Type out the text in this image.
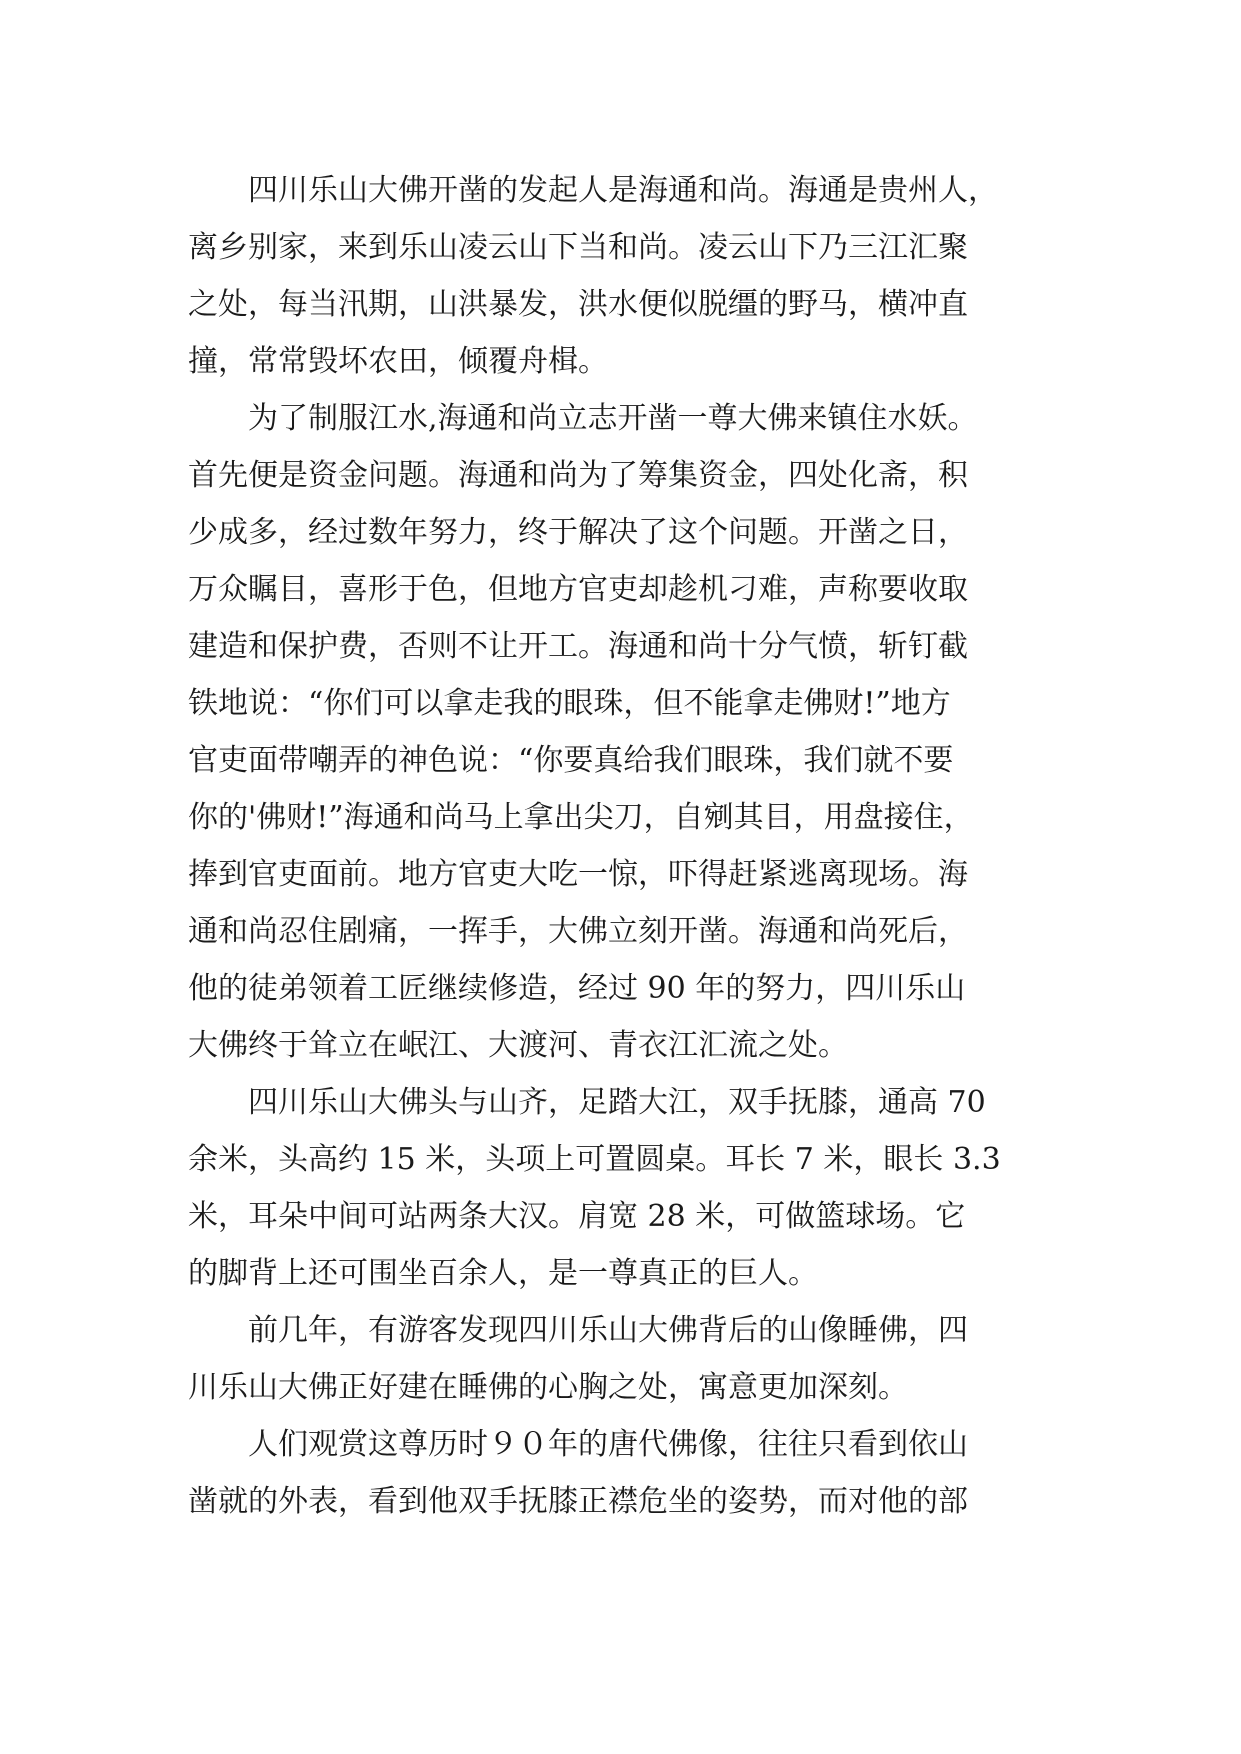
　　四川乐山大佛开凿的发起人是海通和尚。海通是贵州人，
离乡别家，来到乐山凌云山下当和尚。凌云山下乃三江汇聚
之处，每当汛期，山洪暴发，洪水便似脱缰的野马，横冲直
撞，常常毁坏农田，倾覆舟楫。
　　为了制服江水,海通和尚立志开凿一尊大佛来镇住水妖。
首先便是资金问题。海通和尚为了筹集资金，四处化斋，积
少成多，经过数年努力，终于解决了这个问题。开凿之日，
万众瞩目，喜形于色，但地方官吏却趁机刁难，声称要收取
建造和保护费，否则不让开工。海通和尚十分气愤，斩钉截
铁地说：“你们可以拿走我的眼珠，但不能拿走佛财!”地方
官吏面带嘲弄的神色说：“你要真给我们眼珠，我们就不要
你的'佛财!”海通和尚马上拿出尖刀，自剜其目，用盘接住，
捧到官吏面前。地方官吏大吃一惊，吓得赶紧逃离现场。海
通和尚忍住剧痛，一挥手，大佛立刻开凿。海通和尚死后，
他的徒弟领着工匠继续修造，经过 90 年的努力，四川乐山
大佛终于耸立在岷江、大渡河、青衣江汇流之处。
　　四川乐山大佛头与山齐，足踏大江，双手抚膝，通高 70
余米，头高约 15 米，头项上可置圆桌。耳长 7 米，眼长 3.3
米，耳朵中间可站两条大汉。肩宽 28 米，可做篮球场。它
的脚背上还可围坐百余人，是一尊真正的巨人。
　　前几年，有游客发现四川乐山大佛背后的山像睡佛，四
川乐山大佛正好建在睡佛的心胸之处，寓意更加深刻。
　　人们观赏这尊历时９０年的唐代佛像，往往只看到依山
凿就的外表，看到他双手抚膝正襟危坐的姿势，而对他的部
